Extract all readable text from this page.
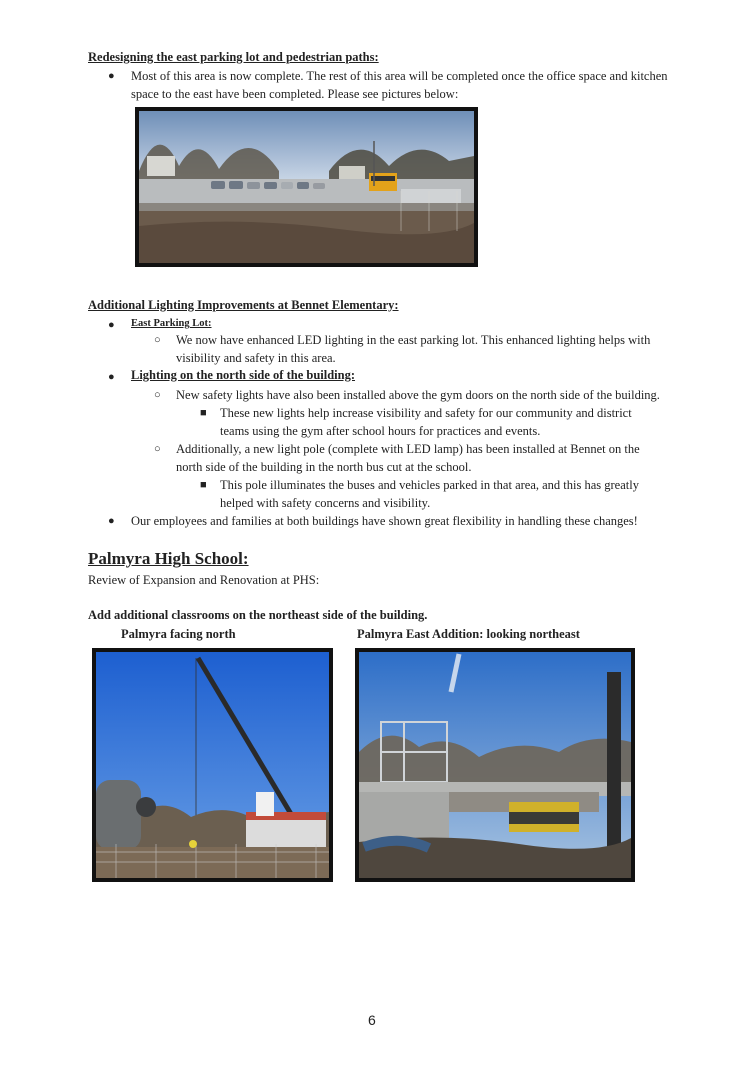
Redesigning the east parking lot and pedestrian paths:
● Most of this area is now complete. The rest of this area will be completed once the office space and kitchen space to the east have been completed. Please see pictures below:
Additional Lighting Improvements at Bennet Elementary:
● East Parking Lot:
○ We now have enhanced LED lighting in the east parking lot. This enhanced lighting helps with visibility and safety in this area.
● Lighting on the north side of the building:
○ New safety lights have also been installed above the gym doors on the north side of the building.
■ These new lights help increase visibility and safety for our community and district teams using the gym after school hours for practices and events.
○ Additionally, a new light pole (complete with LED lamp) has been installed at Bennet on the north side of the building in the north bus cut at the school.
■ This pole illuminates the buses and vehicles parked in that area, and this has greatly helped with safety concerns and visibility.
● Our employees and families at both buildings have shown great flexibility in handling these changes!
Palmyra High School:
Review of Expansion and Renovation at PHS:
Add additional classrooms on the northeast side of the building.
Palmyra facing north	Palmyra East Addition: looking northeast
6
